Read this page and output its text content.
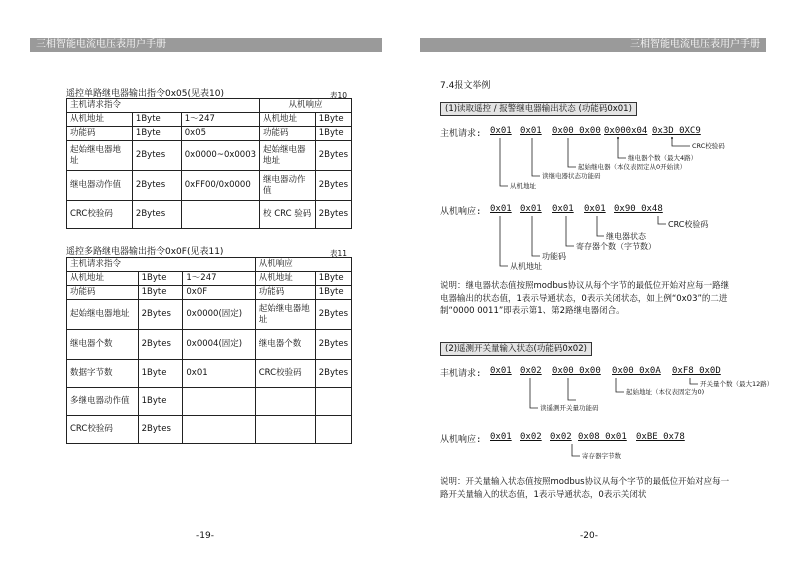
三相智能电流电压表用户手册	三相智能电流电压表用户手册
遥控单路继电器输出指令0x05(见表10)	表10
主机请求指令			从机响应	
从机地址	1Byte	1～247	从机地址	1Byte
功能码	1Byte	0x05	功能码	1Byte
起始继电器地址	2Bytes	0x0000~0x0003	起始继电器地址	2Bytes
继电器动作值	2Bytes	0xFF00/0x0000	继电器动作值	2Bytes
CRC校验码	2Bytes		校 CRC 验码	2Bytes
遥控多路继电器输出指令0x0F(见表11)	表11
主机请求指令			从机响应	
从机地址	1Byte	1～247	从机地址	1Byte
功能码	1Byte	0x0F	功能码	1Byte
起始继电器地址	2Bytes	0x0000(固定)	起始继电器地址	2Bytes
继电器个数	2Bytes	0x0004(固定)	继电器个数	2Bytes
数据字节数	1Byte	0x01	CRC校验码	2Bytes
多继电器动作值	1Byte			
CRC校验码	2Bytes			
-19-
7.4报文举例
(1)读取遥控 / 报警继电器输出状态 (功能码0x01)
主机请求: 0x01 0x01 0x00 0x00 0x000x04 0x3D 0XC9
CRC校验码
继电器个数（最大4路）
起始继电器（本仪表固定从0开始读）
读继电器状态功能码
从机地址
从机响应: 0x01 0x01 0x01 0x01 0x90 0x48
CRC校验码
继电器状态
寄存器个数（字节数）
功能码
从机地址
说明：继电器状态值按照modbus协议从每个字节的最低位开始对应每一路继电器输出的状态值，1表示导通状态，0表示关闭状态，如上例“0x03”的二进制“0000 0011”即表示第1、第2路继电器闭合。
(2)遥测开关量输入状态(功能码0x02)
丰机请求: 0x01 0x02 0x00 0x00 0x00 0x0A 0xF8 0x0D
开关量个数（最大12路）
起始地址（本仪表固定为0)
读遥测开关量功能码
从机响应: 0x01 0x02 0x02 0x08 0x01 0xBE 0x78
寄存器字节数
说明：开关量输入状态值按照modbus协议从每个字节的最低位开始对应每一路开关量输入的状态值，1表示导通状态，0表示关闭状
-20-
